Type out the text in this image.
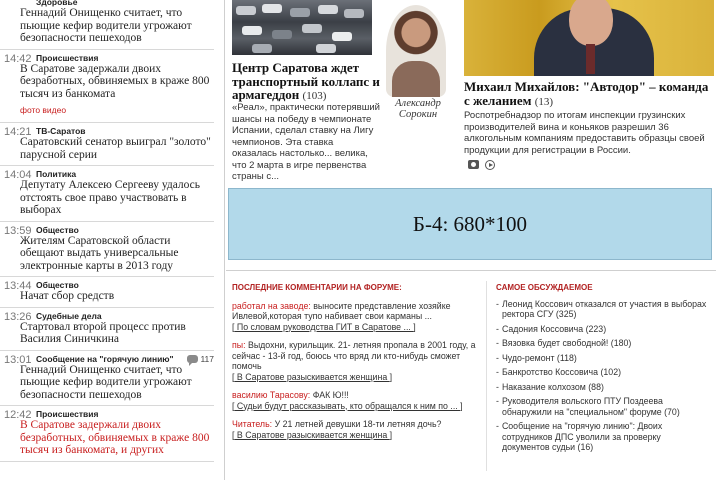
Здоровье
Геннадий Онищенко считает, что пьющие кефир водители угрожают безопасности пешеходов
14:42 Происшествия
В Саратове задержали двоих безработных, обвиняемых в краже 800 тысяч из банкомата
фото видео
14:21 ТВ-Саратов
Саратовский сенатор выиграл "золото" парусной серии
14:04 Политика
Депутату Алексею Сергееву удалось отстоять свое право участвовать в выборах
13:59 Общество
Жителям Саратовской области обещают выдать универсальные электронные карты в 2013 году
13:44 Общество
Начат сбор средств
13:26 Судебные дела
Стартовал второй процесс против Василия Синичкина
13:01 Сообщение на "горячую линию"	117
Геннадий Онищенко считает, что пьющие кефир водители угрожают безопасности пешеходов
12:42 Происшествия
В Саратове задержали двоих безработных, обвиняемых в краже 800 тысяч из банкомата, и других
Центр Саратова ждет транспортный коллапс и армагеддон (103)
«Реал», практически потерявший шансы на победу в чемпионате Испании, сделал ставку на Лигу чемпионов. Эта ставка оказалась настолько... велика, что 2 марта в игре первенства страны с...
Александр Сорокин
Михаил Михайлов: "Автодор" – команда с желанием (13)
Роспотребнадзор по итогам инспекции грузинских производителей вина и коньяков разрешил 36 алкогольным компаниям предоставить образцы своей продукции для регистрации в России.
Б-4: 680*100
ПОСЛЕДНИЕ КОММЕНТАРИИ НА ФОРУМЕ:
работал на заводе: выносите представление хозяйке Ивлевой,которая тупо набивает свои карманы ...
[ По словам руководства ГИТ в Саратове ... ]
пы: Выдохни, курильщик. 21- летняя пропала в 2001 году, а сейчас - 13-й год, боюсь что вряд ли кто-нибудь сможет помочь
[ В Саратове разыскивается женщина ]
василию Тарасову: ФАК Ю!!!
[ Судьи будут рассказывать, кто обращался к ним по ... ]
Читатель: У 21 летней девушки 18-ти летняя дочь?
[ В Саратове разыскивается женщина ]
САМОЕ ОБСУЖДАЕМОЕ
- Леонид Коссович отказался от участия в выборах ректора СГУ (325)
- Садония Коссовича (223)
- Вязовка будет свободной! (180)
- Чудо-ремонт (118)
- Банкротство Коссовича (102)
- Наказание колхозом (88)
- Руководителя вольского ПТУ Поздеева обнаружили на "специальном" форуме (70)
- Сообщение на "горячую линию": Двоих сотрудников ДПС уволили за проверку документов судьи (16)
